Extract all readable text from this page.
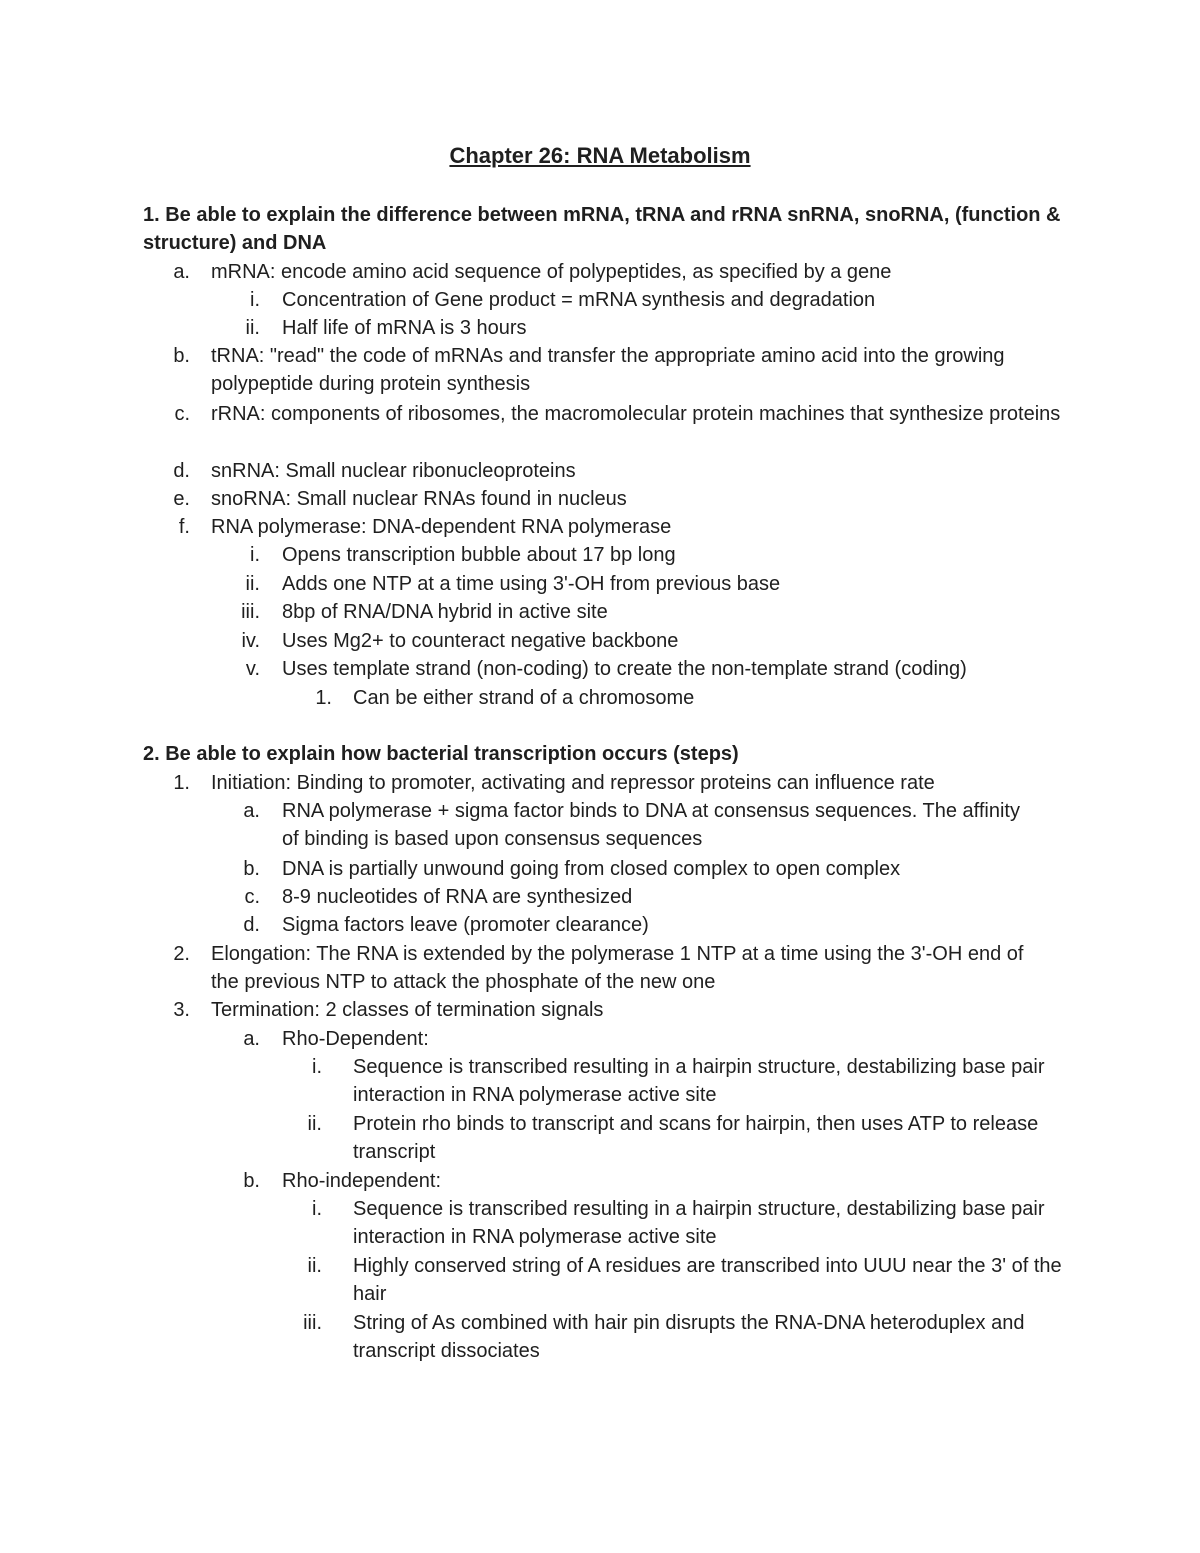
Chapter 26: RNA Metabolism
1. Be able to explain the difference between mRNA, tRNA and rRNA snRNA, snoRNA, (function & structure) and DNA
a. mRNA: encode amino acid sequence of polypeptides, as specified by a gene
i. Concentration of Gene product = mRNA synthesis and degradation
ii. Half life of mRNA is 3 hours
b. tRNA: "read" the code of mRNAs and transfer the appropriate amino acid into the growing polypeptide during protein synthesis
c. rRNA: components of ribosomes, the macromolecular protein machines that synthesize proteins
d. snRNA: Small nuclear ribonucleoproteins
e. snoRNA: Small nuclear RNAs found in nucleus
f. RNA polymerase: DNA-dependent RNA polymerase
i. Opens transcription bubble about 17 bp long
ii. Adds one NTP at a time using 3'-OH from previous base
iii. 8bp of RNA/DNA hybrid in active site
iv. Uses Mg2+ to counteract negative backbone
v. Uses template strand (non-coding) to create the non-template strand (coding)
1. Can be either strand of a chromosome
2. Be able to explain how bacterial transcription occurs (steps)
1. Initiation: Binding to promoter, activating and repressor proteins can influence rate
a. RNA polymerase + sigma factor binds to DNA at consensus sequences. The affinity of binding is based upon consensus sequences
b. DNA is partially unwound going from closed complex to open complex
c. 8-9 nucleotides of RNA are synthesized
d. Sigma factors leave (promoter clearance)
2. Elongation: The RNA is extended by the polymerase 1 NTP at a time using the 3'-OH end of the previous NTP to attack the phosphate of the new one
3. Termination: 2 classes of termination signals
a. Rho-Dependent:
i. Sequence is transcribed resulting in a hairpin structure, destabilizing base pair interaction in RNA polymerase active site
ii. Protein rho binds to transcript and scans for hairpin, then uses ATP to release transcript
b. Rho-independent:
i. Sequence is transcribed resulting in a hairpin structure, destabilizing base pair interaction in RNA polymerase active site
ii. Highly conserved string of A residues are transcribed into UUU near the 3' of the hair
iii. String of As combined with hair pin disrupts the RNA-DNA heteroduplex and transcript dissociates
